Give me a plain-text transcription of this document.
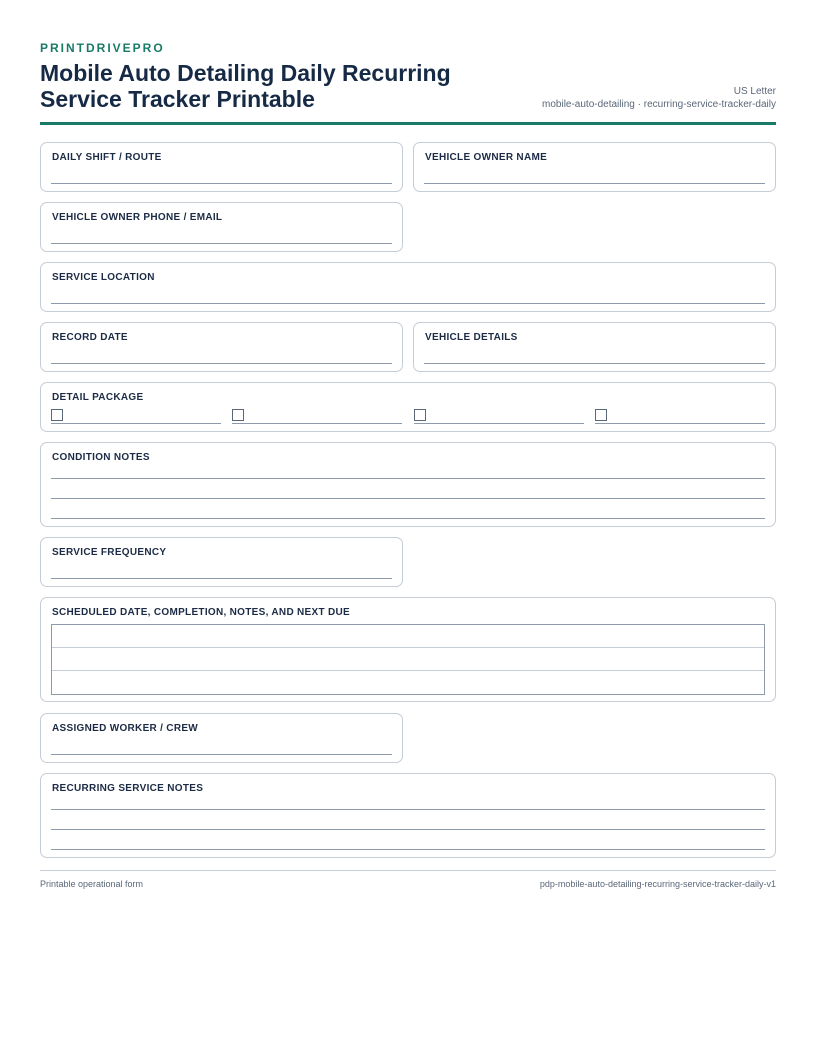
PRINTDRIVEPRO
Mobile Auto Detailing Daily Recurring Service Tracker Printable	US Letter
mobile-auto-detailing · recurring-service-tracker-daily
DAILY SHIFT / ROUTE	VEHICLE OWNER NAME
VEHICLE OWNER PHONE / EMAIL
SERVICE LOCATION
RECORD DATE	VEHICLE DETAILS
DETAIL PACKAGE
CONDITION NOTES
SERVICE FREQUENCY
SCHEDULED DATE, COMPLETION, NOTES, AND NEXT DUE
ASSIGNED WORKER / CREW
RECURRING SERVICE NOTES
Printable operational form	pdp-mobile-auto-detailing-recurring-service-tracker-daily-v1
